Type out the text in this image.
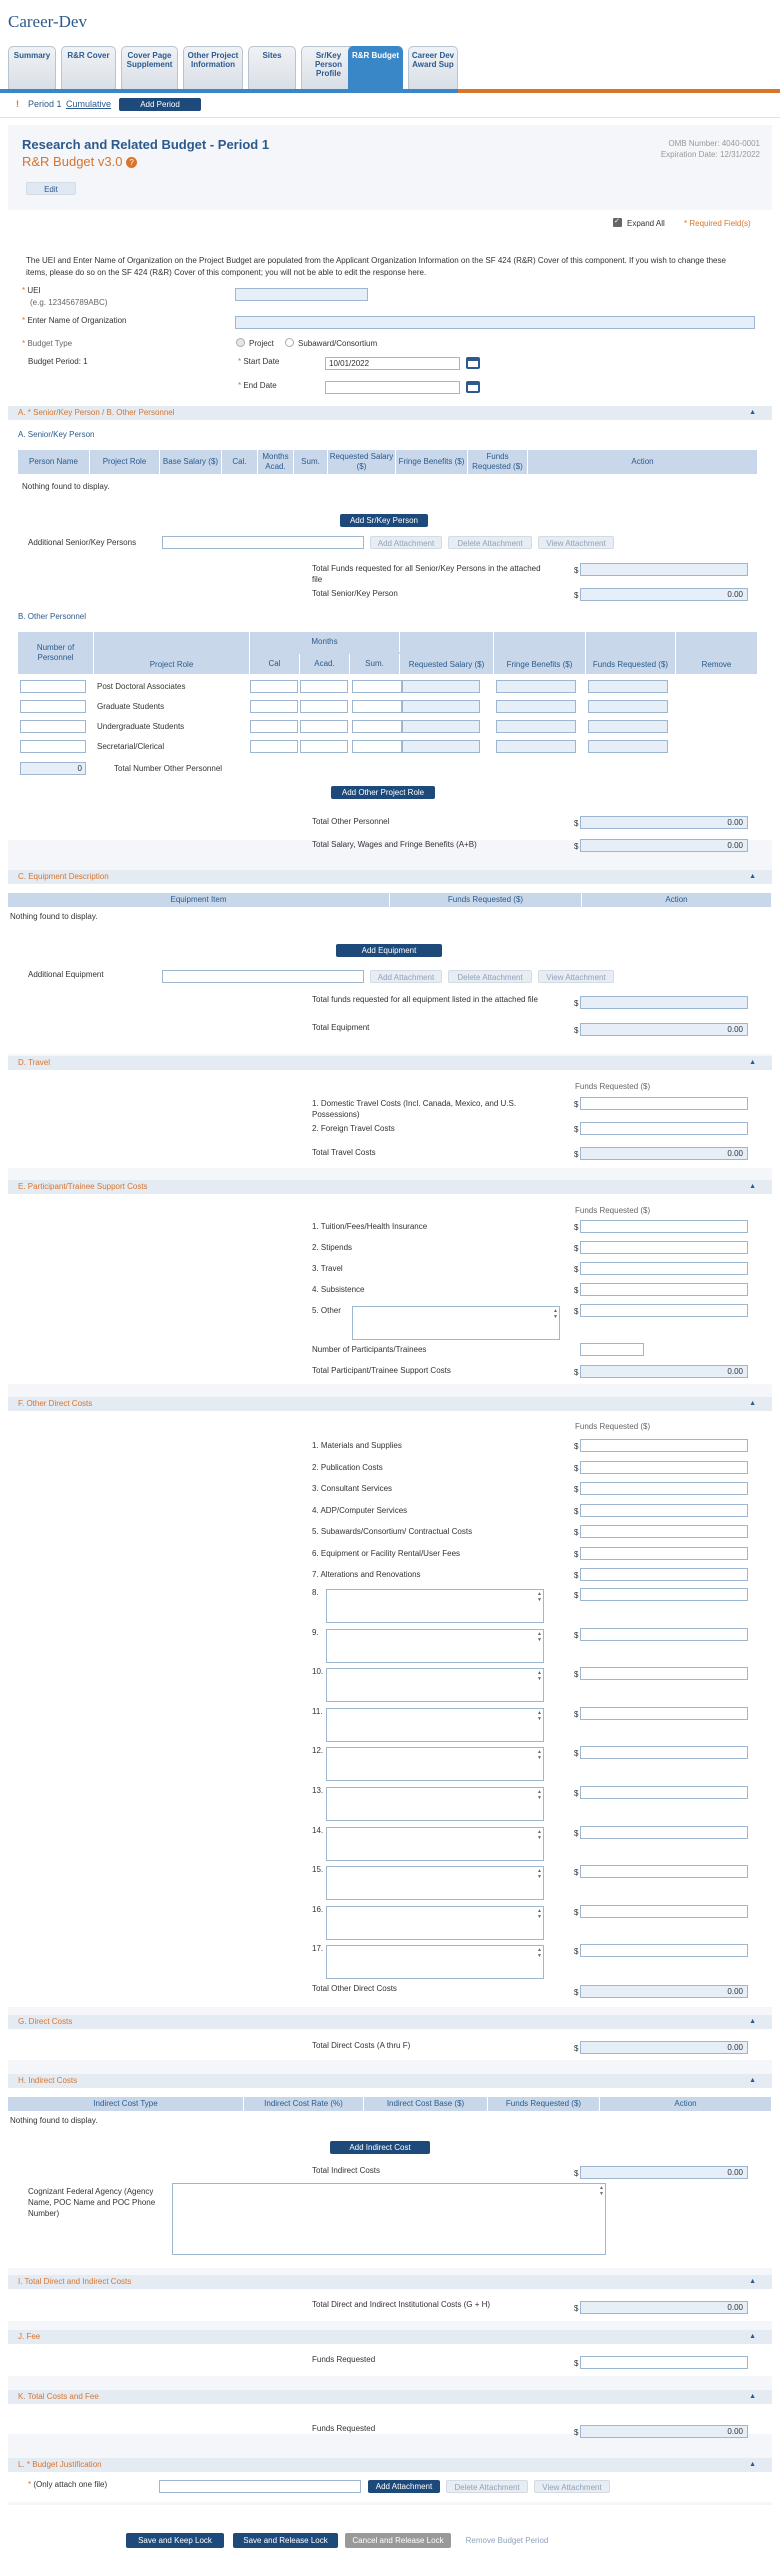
Career-Dev
Summary	R&R Cover	Cover Page Supplement
Other Project Information
Sites	Sr/Key Person Profile
R&R Budget	Career Dev Award Sup
! Period 1 Cumulative	Add Period
Research and Related Budget - Period 1
R&R Budget v3.0 ?
OMB Number: 4040-0001
Expiration Date: 12/31/2022
Edit
✓ Expand All * Required Field(s)
The UEI and Enter Name of Organization on the Project Budget are populated from the Applicant Organization Information on the SF 424 (R&R) Cover of this component. If you wish to change these items, please do so on the SF 424 (R&R) Cover of this component; you will not be able to edit the response here.
* UEI
(e.g. 123456789ABC)
* Enter Name of Organization
* Budget Type	Project	Subaward/Consortium
Budget Period: 1	* Start Date	10/01/2022
* End Date
A. * Senior/Key Person / B. Other Personnel	▲
A. Senior/Key Person
Person Name	Project Role	Base Salary ($)	Cal.
Months
Acad.
Sum.
Requested Salary ($)
Fringe Benefits ($)
Funds Requested ($)
Action
Nothing found to display.
Add Sr/Key Person
Additional Senior/Key Persons	Add Attachment	Delete Attachment	View Attachment
Total Funds requested for all Senior/Key Persons in the attached file
$
Total Senior/Key Person	$	0.00
B. Other Personnel
Number of Personnel
Project Role
Months
Cal	Acad.	Sum.	Requested Salary ($)	Fringe Benefits ($)	Funds Requested ($)	Remove
Post Doctoral Associates
Graduate Students
Undergraduate Students
Secretarial/Clerical
0	Total Number Other Personnel
Add Other Project Role
Total Other Personnel	$	0.00
Total Salary, Wages and Fringe Benefits (A+B)	$	0.00
C. Equipment Description	▲
Equipment Item	Funds Requested ($)	Action
Nothing found to display.
Add Equipment
Additional Equipment	Add Attachment	Delete Attachment	View Attachment
Total funds requested for all equipment listed in the attached file	$
Total Equipment	$	0.00
D. Travel	▲
Funds Requested ($)
1. Domestic Travel Costs (Incl. Canada, Mexico, and U.S. Possessions)
$
2. Foreign Travel Costs	$
Total Travel Costs	$	0.00
E. Participant/Trainee Support Costs	▲
Funds Requested ($)
1. Tuition/Fees/Health Insurance	$
2. Stipends	$
3. Travel	$
4. Subsistence	$
5. Other	$
▲ ▼
Number of Participants/Trainees
Total Participant/Trainee Support Costs	$	0.00
F. Other Direct Costs	▲
Funds Requested ($)
1. Materials and Supplies	$
2. Publication Costs	$
3. Consultant Services	$
4. ADP/Computer Services	$
5. Subawards/Consortium/ Contractual Costs	$
6. Equipment or Facility Rental/User Fees	$
7. Alterations and Renovations	$
8. ▲ ▼	$
9. ▲ ▼	$
10. ▲ ▼	$
11. ▲ ▼	$
12. ▲ ▼	$
13. ▲ ▼	$
14. ▲ ▼	$
15. ▲ ▼	$
16. ▲ ▼	$
17. ▲ ▼	$
Total Other Direct Costs	$	0.00
G. Direct Costs	▲
Total Direct Costs (A thru F)	$	0.00
H. Indirect Costs	▲
Indirect Cost Type	Indirect Cost Rate (%)	Indirect Cost Base ($)	Funds Requested ($)	Action
Nothing found to display.
Add Indirect Cost
Total Indirect Costs	$	0.00
Cognizant Federal Agency (Agency Name, POC Name and POC Phone Number)
▲ ▼
I. Total Direct and Indirect Costs	▲
Total Direct and Indirect Institutional Costs (G + H)	$	0.00
J. Fee	▲
Funds Requested	$
K. Total Costs and Fee	▲
Funds Requested	$	0.00
L. * Budget Justification	▲
* (Only attach one file)	Add Attachment	Delete Attachment	View Attachment
Save and Keep Lock	Save and Release Lock	Cancel and Release Lock	Remove Budget Period
